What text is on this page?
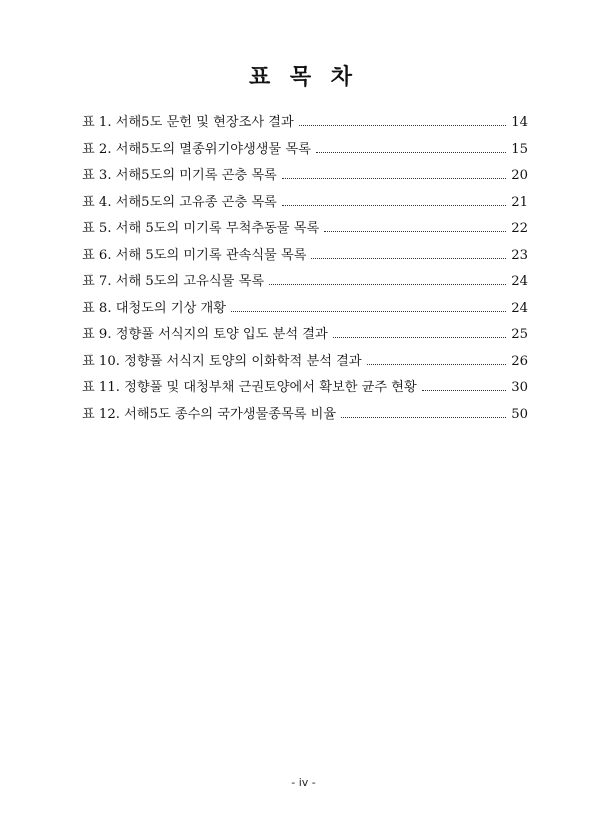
표 목 차
표 1. 서해5도 문헌 및 현장조사 결과	14
표 2. 서해5도의 멸종위기야생생물 목록	15
표 3. 서해5도의 미기록 곤충 목록	20
표 4. 서해5도의 고유종 곤충 목록	21
표 5. 서해 5도의 미기록 무척추동물 목록	22
표 6. 서해 5도의 미기록 관속식물 목록	23
표 7. 서해 5도의 고유식물 목록	24
표 8. 대청도의 기상 개황	24
표 9. 정향풀 서식지의 토양 입도 분석 결과	25
표 10. 정향풀 서식지 토양의 이화학적 분석 결과	26
표 11. 정향풀 및 대청부채 근권토양에서 확보한 균주 현황	30
표 12. 서해5도 종수의 국가생물종목록 비율	50
- iv -
